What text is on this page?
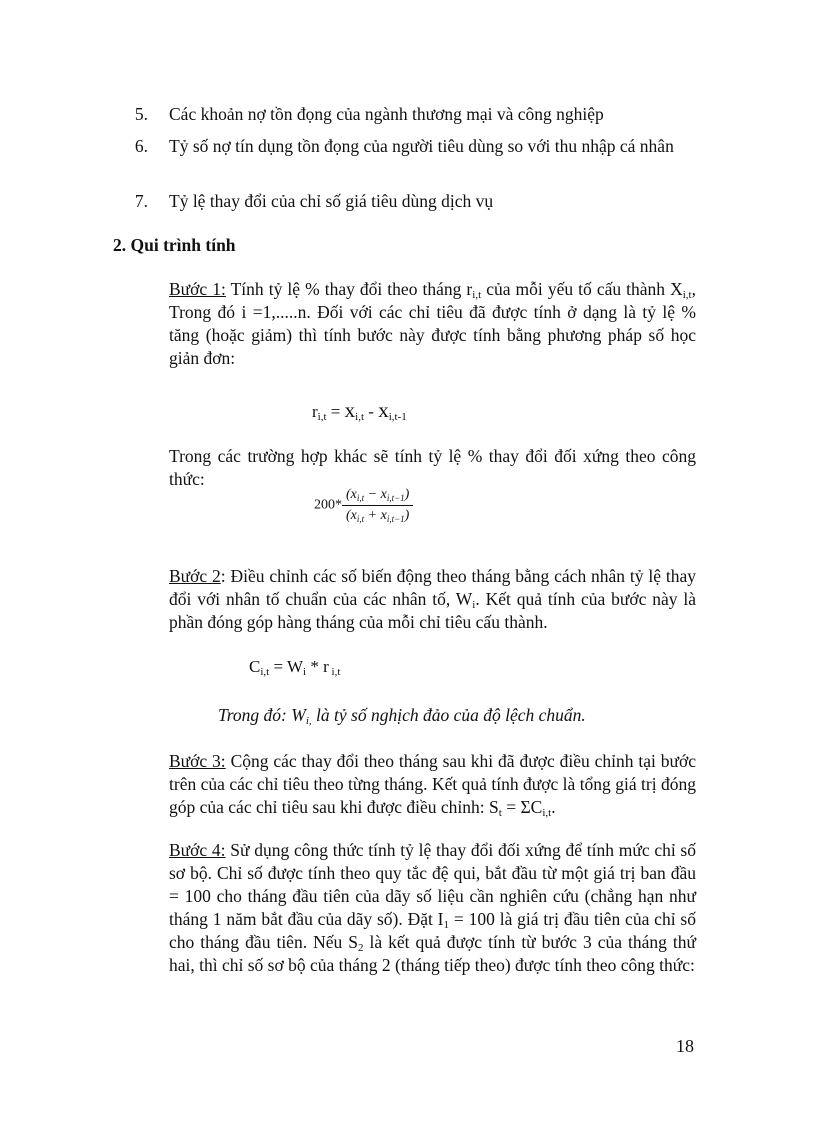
5. Các khoản nợ tồn đọng của ngành thương mại và công nghiệp
6. Tỷ số nợ tín dụng tồn đọng của người tiêu dùng so với thu nhập cá nhân
7. Tỷ lệ thay đổi của chỉ số giá tiêu dùng dịch vụ
2. Qui trình tính
Bước 1: Tính tỷ lệ % thay đổi theo tháng $r_{i,t}$ của mỗi yếu tố cấu thành $X_{i,t}$, Trong đó i =1,.....n. Đối với các chỉ tiêu đã được tính ở dạng là tỷ lệ % tăng (hoặc giảm) thì tính bước này được tính bằng phương pháp số học giản đơn:
$r_{i,t} = x_{i,t} - x_{i,t-1}$
Trong các trường hợp khác sẽ tính tỷ lệ % thay đổi đối xứng theo công thức:
$200* \frac{(x_{i,t} - x_{i,t-1})}{(x_{i,t} + x_{i,t-1})}$
Bước 2: Điều chỉnh các số biến động theo tháng bằng cách nhân tỷ lệ thay đổi với nhân tố chuẩn của các nhân tố, $W_i$. Kết quả tính của bước này là phần đóng góp hàng tháng của mỗi chỉ tiêu cấu thành.
$C_{i,t} = W_i * r$ $_{i,t}$
Trong đó: $W_{i,}$ là tỷ số nghịch đảo của độ lệch chuẩn.
Bước 3: Cộng các thay đổi theo tháng sau khi đã được điều chỉnh tại bước trên của các chỉ tiêu theo từng tháng. Kết quả tính được là tổng giá trị đóng góp của các chỉ tiêu sau khi được điều chỉnh: $S_t = \Sigma C_{i,t}$.
Bước 4: Sử dụng công thức tính tỷ lệ thay đổi đối xứng để tính mức chỉ số sơ bộ. Chỉ số được tính theo quy tắc đệ qui, bắt đầu từ một giá trị ban đầu = 100 cho tháng đầu tiên của dãy số liệu cần nghiên cứu (chẳng hạn như tháng 1 năm bắt đầu của dãy số). Đặt $I_1 = 100$ là giá trị đầu tiên của chỉ số cho tháng đầu tiên. Nếu $S_2$ là kết quả được tính từ bước 3 của tháng thứ hai, thì chỉ số sơ bộ của tháng 2 (tháng tiếp theo) được tính theo công thức:
18
